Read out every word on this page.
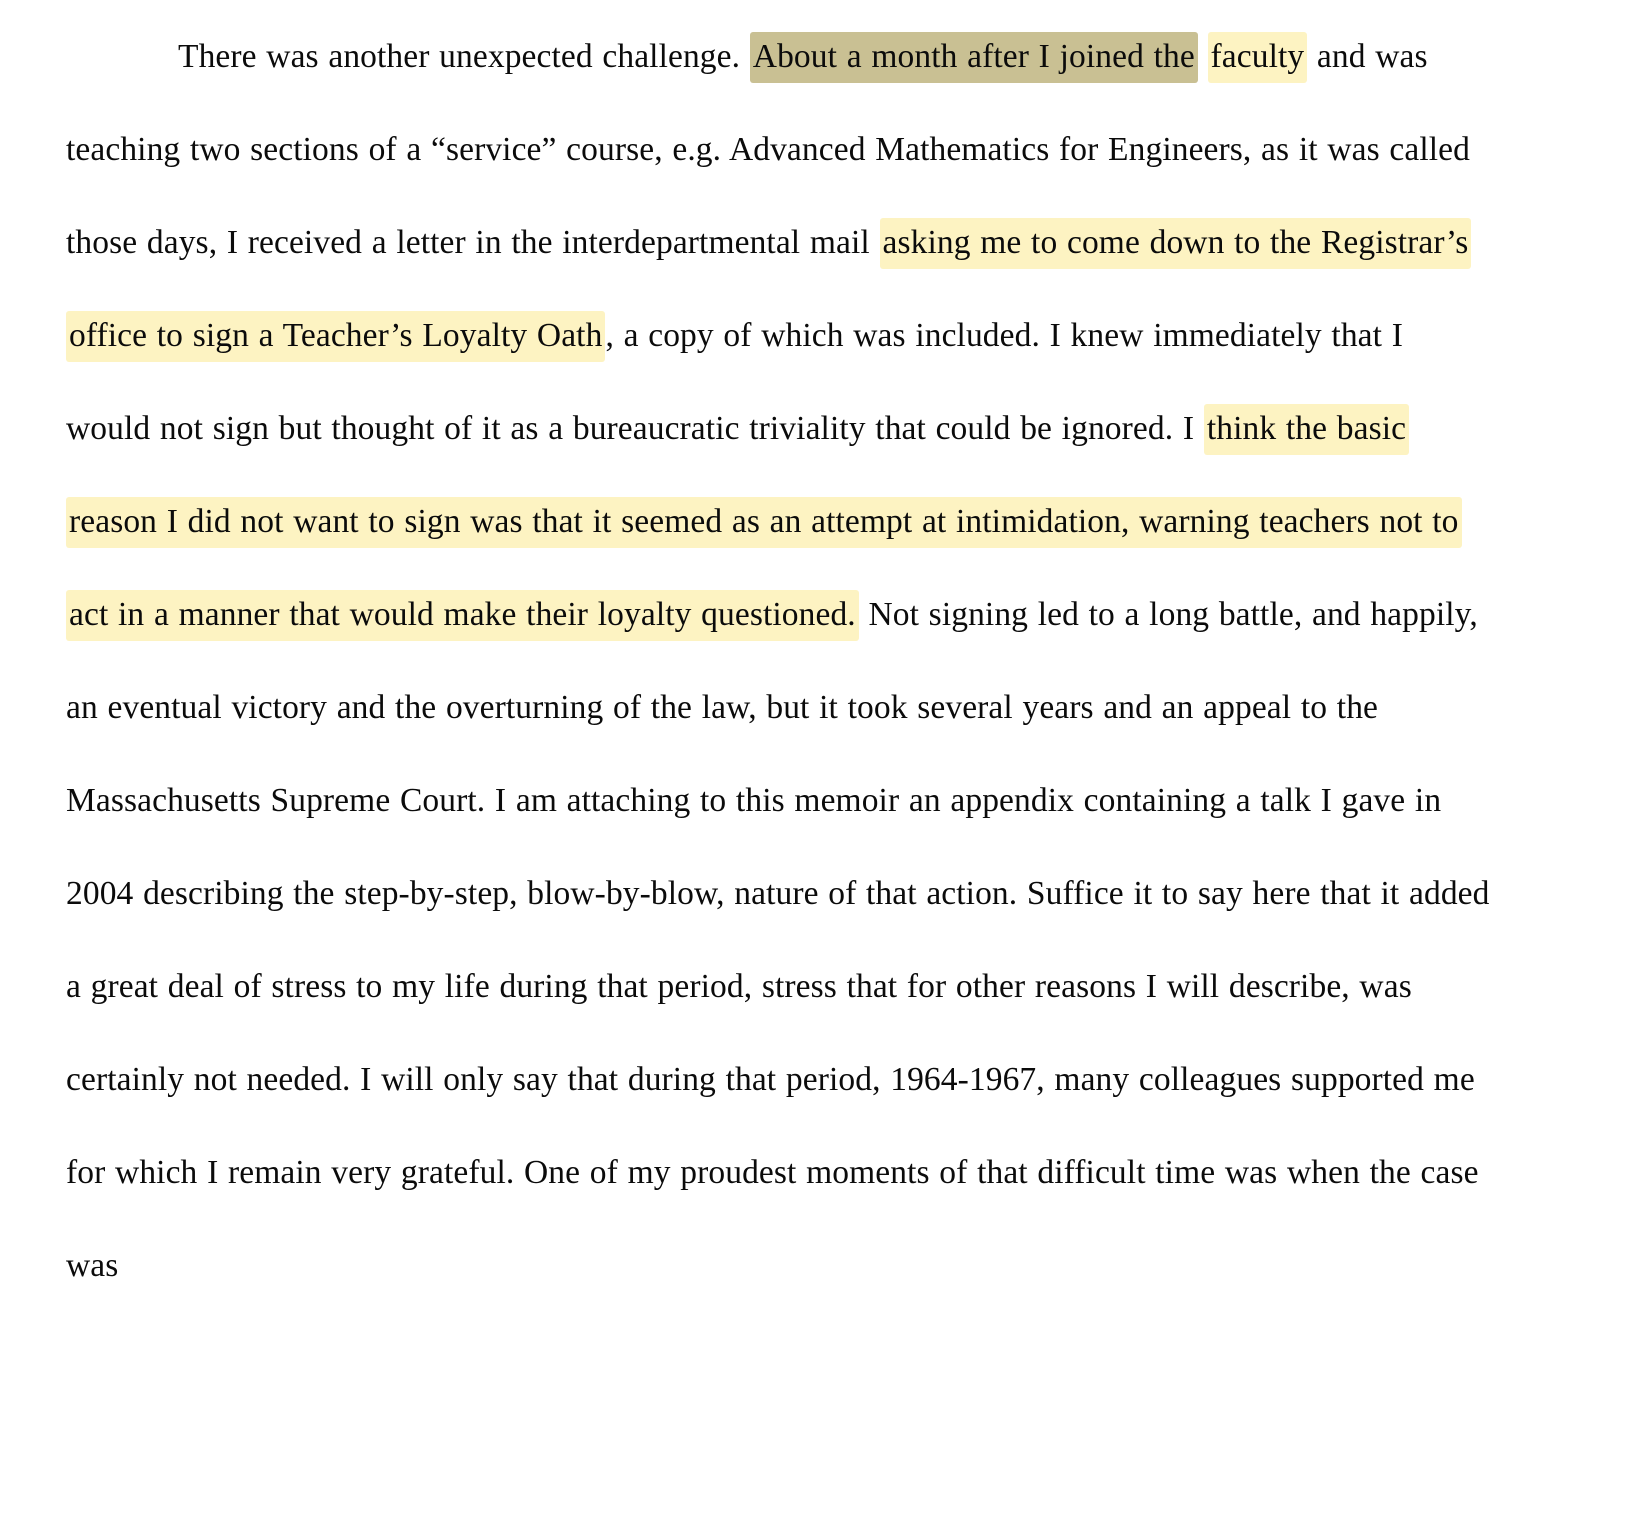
There was another unexpected challenge. About a month after I joined the faculty and was teaching two sections of a “service” course, e.g. Advanced Mathematics for Engineers, as it was called those days, I received a letter in the interdepartmental mail asking me to come down to the Registrar’s office to sign a Teacher’s Loyalty Oath, a copy of which was included. I knew immediately that I would not sign but thought of it as a bureaucratic triviality that could be ignored. I think the basic reason I did not want to sign was that it seemed as an attempt at intimidation, warning teachers not to act in a manner that would make their loyalty questioned. Not signing led to a long battle, and happily, an eventual victory and the overturning of the law, but it took several years and an appeal to the Massachusetts Supreme Court. I am attaching to this memoir an appendix containing a talk I gave in 2004 describing the step-by-step, blow-by-blow, nature of that action. Suffice it to say here that it added a great deal of stress to my life during that period, stress that for other reasons I will describe, was certainly not needed. I will only say that during that period, 1964-1967, many colleagues supported me for which I remain very grateful. One of my proudest moments of that difficult time was when the case was
